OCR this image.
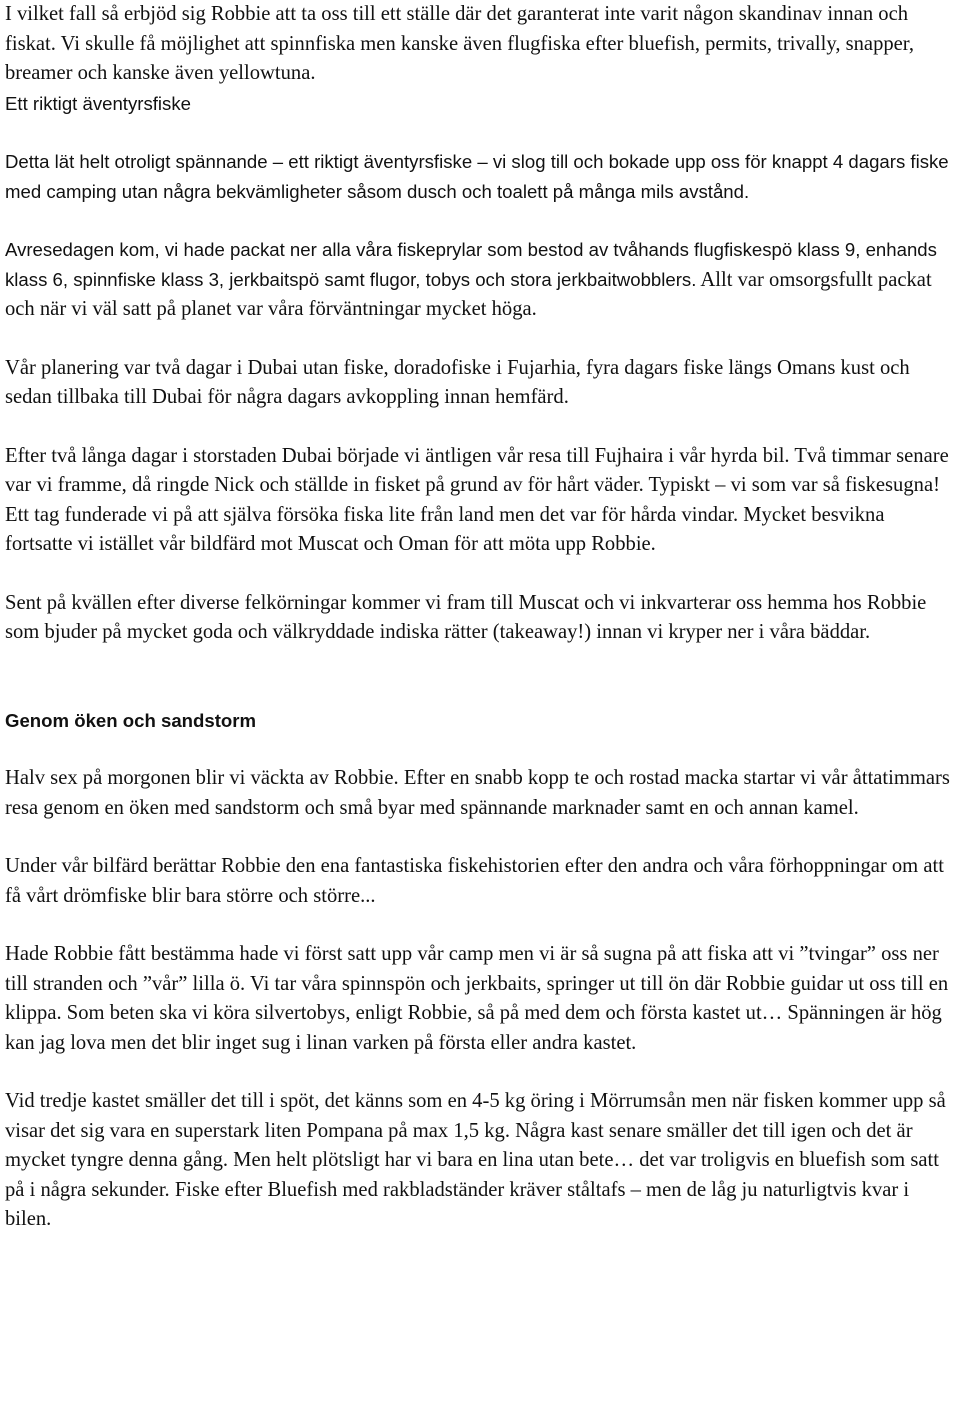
I vilket fall så erbjöd sig Robbie att ta oss till ett ställe där det garanterat inte varit någon skandinav innan och fiskat. Vi skulle få möjlighet att spinnfiska men kanske även flugfiska efter bluefish, permits, trivally, snapper, breamer och kanske även yellowtuna.
Ett riktigt äventyrsfiske

Detta lät helt otroligt spännande – ett riktigt äventyrsfiske – vi slog till och bokade upp oss för knappt 4 dagars fiske med camping utan några bekvämligheter såsom dusch och toalett på många mils avstånd.

Avresedagen kom, vi hade packat ner alla våra fiskeprylar som bestod av tvåhands flugfiskespö klass 9, enhands klass 6, spinnfiske klass 3, jerkbaitspö samt flugor, tobys och stora jerkbaitwobblers. Allt var omsorgsfullt packat och när vi väl satt på planet var våra förväntningar mycket höga.

Vår planering var två dagar i Dubai utan fiske, doradofiske i Fujarhia, fyra dagars fiske längs Omans kust och sedan tillbaka till Dubai för några dagars avkoppling innan hemfärd.

Efter två långa dagar i storstaden Dubai började vi äntligen vår resa till Fujhaira i vår hyrda bil. Två timmar senare var vi framme, då ringde Nick och ställde in fisket på grund av för hårt väder. Typiskt – vi som var så fiskesugna! Ett tag funderade vi på att själva försöka fiska lite från land men det var för hårda vindar. Mycket besvikna fortsatte vi istället vår bildfärd mot Muscat och Oman för att möta upp Robbie.

Sent på kvällen efter diverse felkörningar kommer vi fram till Muscat och vi inkvarterar oss hemma hos Robbie som bjuder på mycket goda och välkryddade indiska rätter (takeaway!) innan vi kryper ner i våra bäddar.

Genom öken och sandstorm

Halv sex på morgonen blir vi väckta av Robbie. Efter en snabb kopp te och rostad macka startar vi vår åttatimmars resa genom en öken med sandstorm och små byar med spännande marknader samt en och annan kamel.

Under vår bilfärd berättar Robbie den ena fantastiska fiskehistorien efter den andra och våra förhoppningar om att få vårt drömfiske blir bara större och större...

Hade Robbie fått bestämma hade vi först satt upp vår camp men vi är så sugna på att fiska att vi ”tvingar” oss ner till stranden och ”vår” lilla ö. Vi tar våra spinnspön och jerkbaits, springer ut till ön där Robbie guidar ut oss till en klippa. Som beten ska vi köra silvertobys, enligt Robbie, så på med dem och första kastet ut… Spänningen är hög kan jag lova men det blir inget sug i linan varken på första eller andra kastet.

Vid tredje kastet smäller det till i spöt, det känns som en 4-5 kg öring i Mörrumsån men när fisken kommer upp så visar det sig vara en superstark liten Pompana på max 1,5 kg. Några kast senare smäller det till igen och det är mycket tyngre denna gång. Men helt plötsligt har vi bara en lina utan bete… det var troligvis en bluefish som satt på i några sekunder. Fiske efter Bluefish med rakbladständer kräver ståltafs – men de låg ju naturligtvis kvar i bilen.
